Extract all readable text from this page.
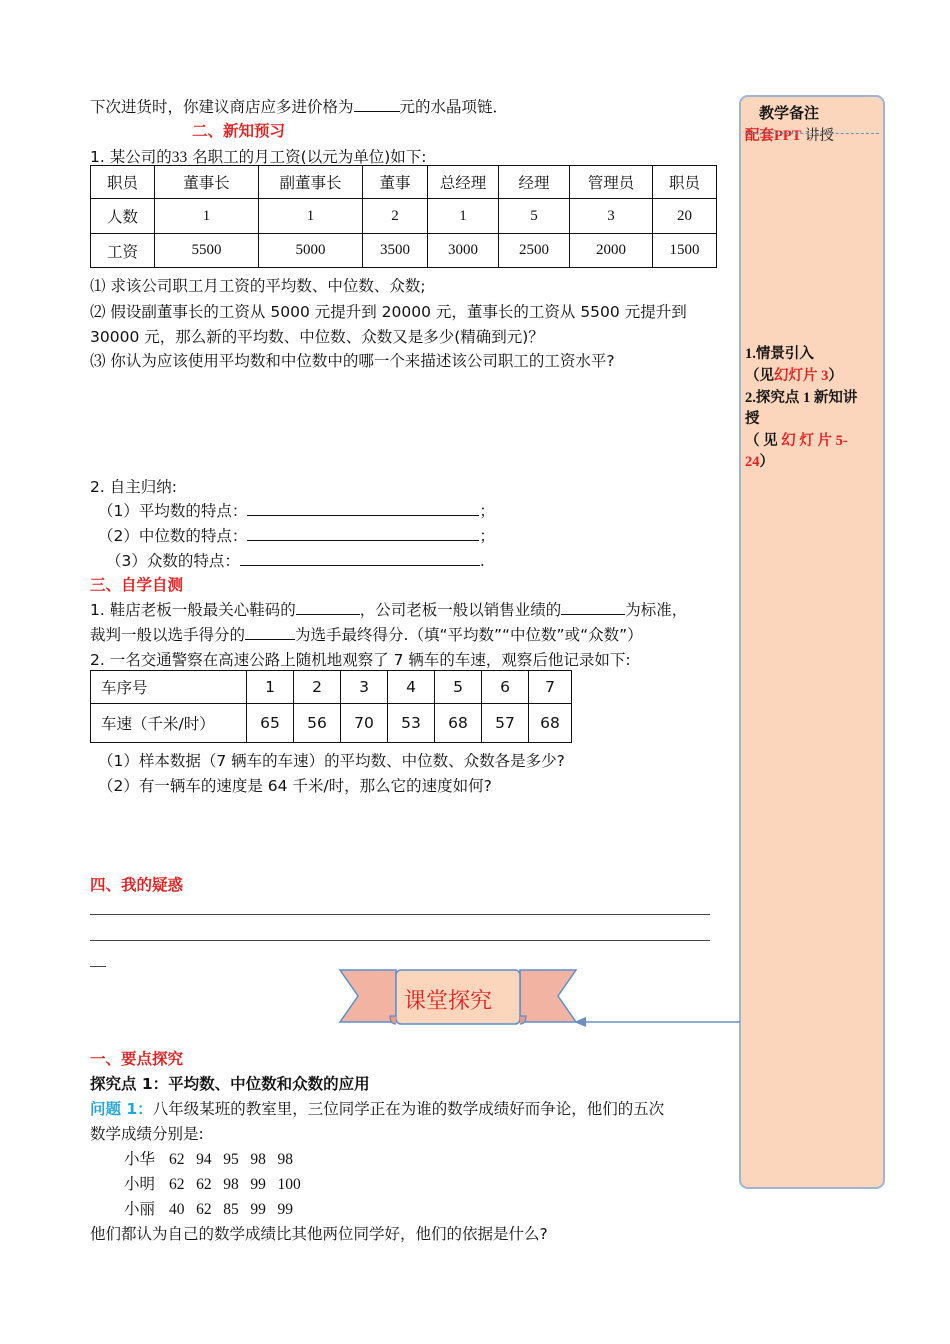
教学备注
配套PPT 讲授
1.情景引入
（见幻灯片 3）
2.探究点 1 新知讲
授
（ 见 幻 灯 片 5-
24）
下次进货时，你建议商店应多进价格为	元的水晶项链．
二、新知预习
1. 某公司的33 名职工的月工资(以元为单位)如下:
职员	董事长	副董事长	董事	总经理	经理	管理员	职员
人数	1	1	2	1	5	3	20
工资	5500	5000	3500	3000	2500	2000	1500
⑴ 求该公司职工月工资的平均数、中位数、众数;
⑵ 假设副董事长的工资从 5000 元提升到 20000 元，董事长的工资从 5500 元提升到
30000 元，那么新的平均数、中位数、众数又是多少(精确到元)？
⑶ 你认为应该使用平均数和中位数中的哪一个来描述该公司职工的工资水平?
2. 自主归纳:
（1）平均数的特点：	；
（2）中位数的特点：	；
（3）众数的特点：	.
三、自学自测
1. 鞋店老板一般最关心鞋码的	，公司老板一般以销售业绩的	为标准，
裁判一般以选手得分的	为选手最终得分.（填“平均数”“中位数”或“众数”）
2. 一名交通警察在高速公路上随机地观察了 7 辆车的车速，观察后他记录如下:
车序号	1	2	3	4	5	6	7
车速（千米/时）	65	56	70	53	68	57	68
（1）样本数据（7 辆车的车速）的平均数、中位数、众数各是多少?
（2）有一辆车的速度是 64 千米/时，那么它的速度如何?
四、我的疑惑
课堂探究
一、要点探究
探究点 1：平均数、中位数和众数的应用
问题 1：八年级某班的教室里，三位同学正在为谁的数学成绩好而争论，他们的五次
数学成绩分别是:
小华 62   94   95   98   98
小明 62   62   98   99   100
小丽 40   62   85   99   99
他们都认为自己的数学成绩比其他两位同学好，他们的依据是什么?
